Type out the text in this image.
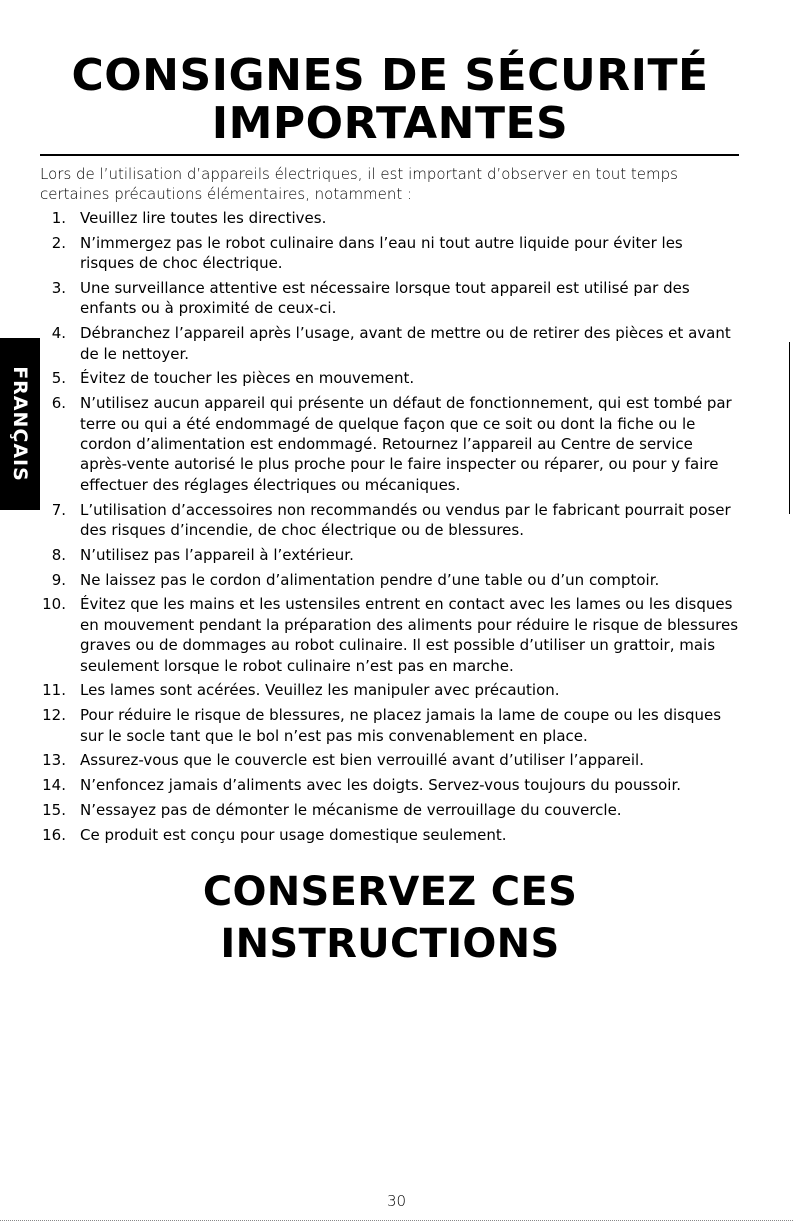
CONSIGNES DE SÉCURITÉ
IMPORTANTES

Lors de l’utilisation d’appareils électriques, il est important d’observer en tout temps certaines précautions élémentaires, notamment :

1. Veuillez lire toutes les directives.
2. N’immergez pas le robot culinaire dans l’eau ni tout autre liquide pour éviter les risques de choc électrique.
3. Une surveillance attentive est nécessaire lorsque tout appareil est utilisé par des enfants ou à proximité de ceux-ci.
4. Débranchez l’appareil après l’usage, avant de mettre ou de retirer des pièces et avant de le nettoyer.
5. Évitez de toucher les pièces en mouvement.
6. N’utilisez aucun appareil qui présente un défaut de fonctionnement, qui est tombé par terre ou qui a été endommagé de quelque façon que ce soit ou dont la fiche ou le cordon d’alimentation est endommagé. Retournez l’appareil au Centre de service après-vente autorisé le plus proche pour le faire inspecter ou réparer, ou pour y faire effectuer des réglages électriques ou mécaniques.
7. L’utilisation d’accessoires non recommandés ou vendus par le fabricant pourrait poser des risques d’incendie, de choc électrique ou de blessures.
8. N’utilisez pas l’appareil à l’extérieur.
9. Ne laissez pas le cordon d’alimentation pendre d’une table ou d’un comptoir.
10. Évitez que les mains et les ustensiles entrent en contact avec les lames ou les disques en mouvement pendant la préparation des aliments pour réduire le risque de blessures graves ou de dommages au robot culinaire. Il est possible d’utiliser un grattoir, mais seulement lorsque le robot culinaire n’est pas en marche.
11. Les lames sont acérées. Veuillez les manipuler avec précaution.
12. Pour réduire le risque de blessures, ne placez jamais la lame de coupe ou les disques sur le socle tant que le bol n’est pas mis convenablement en place.
13. Assurez-vous que le couvercle est bien verrouillé avant d’utiliser l’appareil.
14. N’enfoncez jamais d’aliments avec les doigts. Servez-vous toujours du poussoir.
15. N’essayez pas de démonter le mécanisme de verrouillage du couvercle.
16. Ce produit est conçu pour usage domestique seulement.
CONSERVEZ CES INSTRUCTIONS
FRANÇAIS
30
